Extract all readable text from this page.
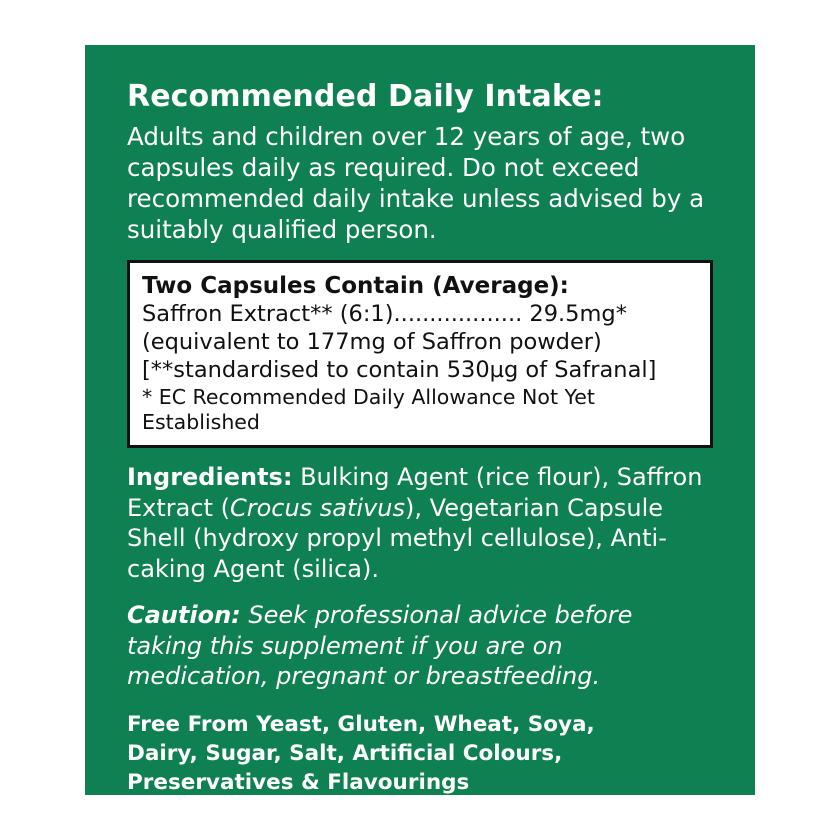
Recommended Daily Intake:

Adults and children over 12 years of age, two capsules daily as required. Do not exceed recommended daily intake unless advised by a suitably qualified person.

Two Capsules Contain (Average):
Saffron Extract** (6:1).................. 29.5mg*
(equivalent to 177mg of Saffron powder)
[**standardised to contain 530µg of Safranal]
* EC Recommended Daily Allowance Not Yet Established

Ingredients: Bulking Agent (rice flour), Saffron Extract (Crocus sativus), Vegetarian Capsule Shell (hydroxy propyl methyl cellulose), Anti-caking Agent (silica).

Caution: Seek professional advice before taking this supplement if you are on medication, pregnant or breastfeeding.

Free From Yeast, Gluten, Wheat, Soya, Dairy, Sugar, Salt, Artificial Colours, Preservatives & Flavourings
